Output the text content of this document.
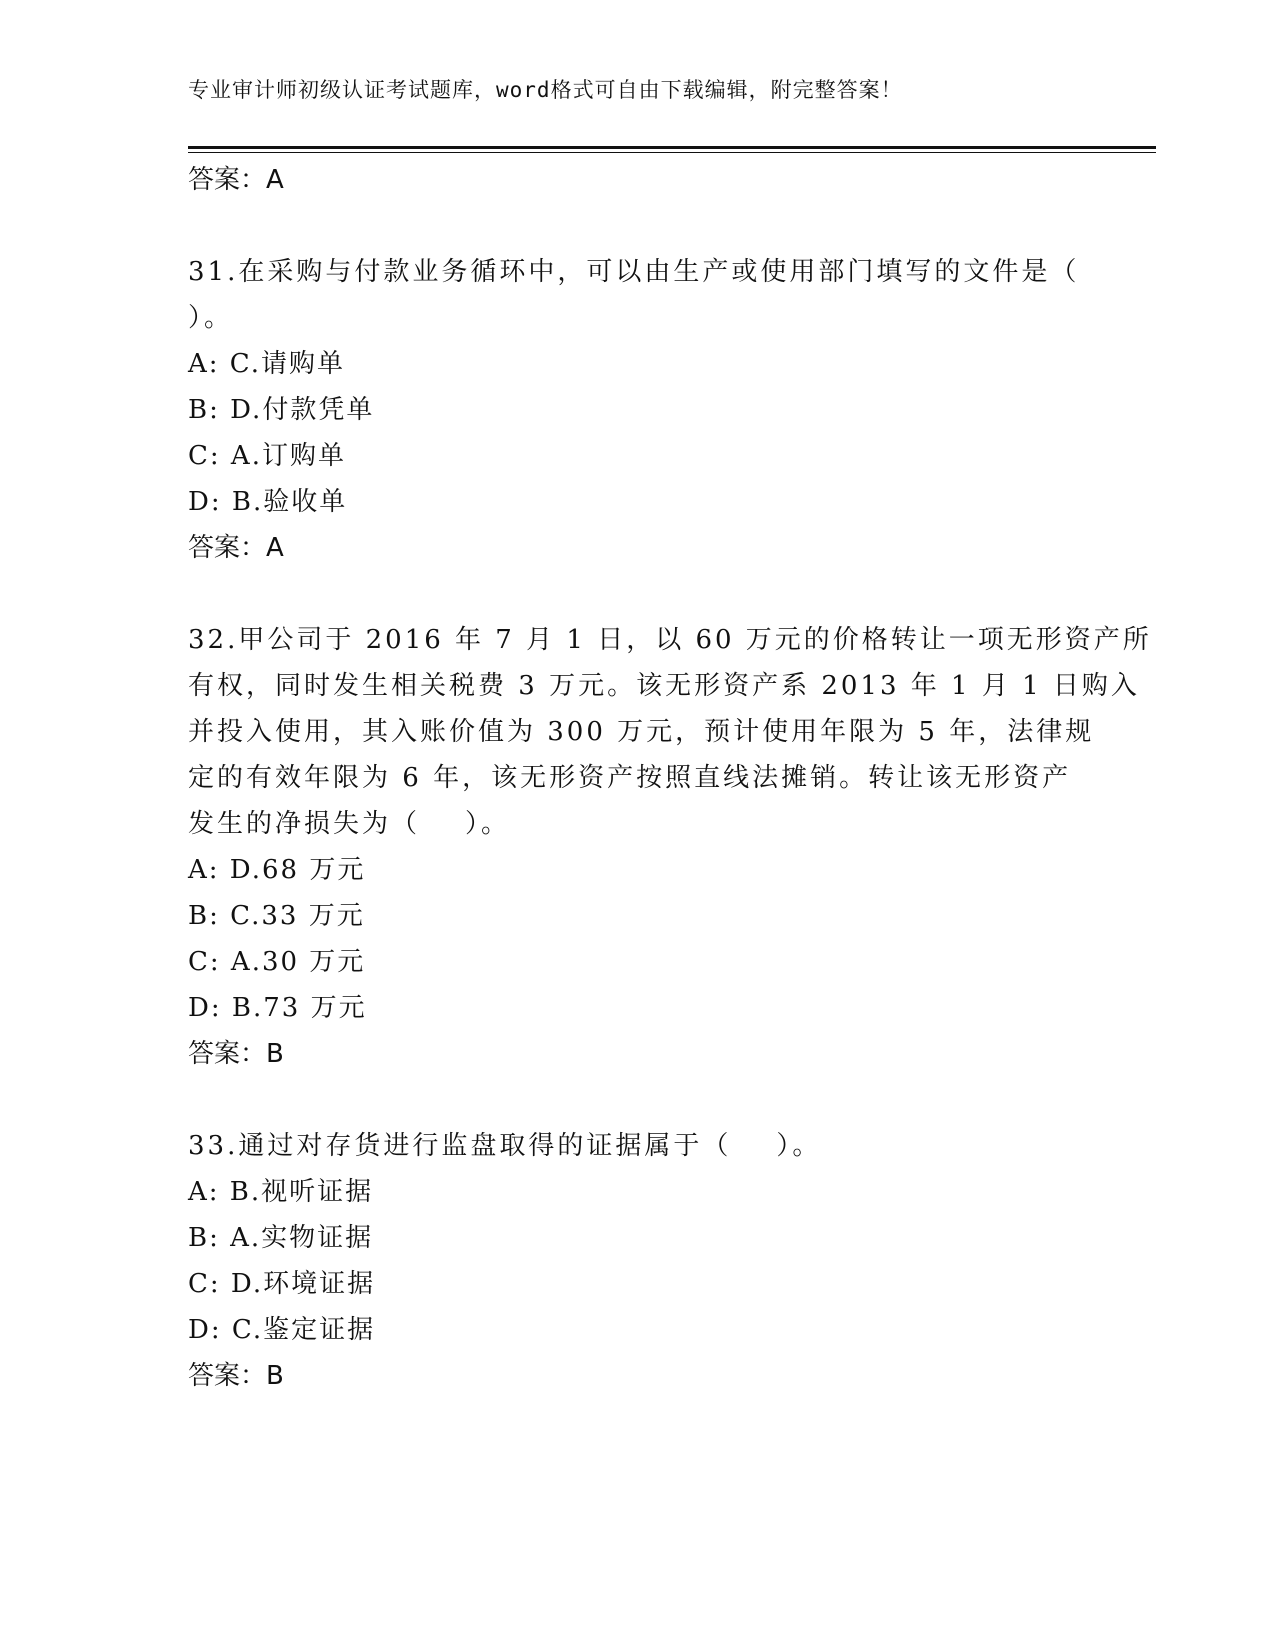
专业审计师初级认证考试题库，word格式可自由下载编辑，附完整答案！
答案：A
31.在采购与付款业务循环中，可以由生产或使用部门填写的文件是（
）。
A: C.请购单
B: D.付款凭单
C: A.订购单
D: B.验收单
答案：A
32.甲公司于 2016 年 7 月 1 日，以 60 万元的价格转让一项无形资产所
有权，同时发生相关税费 3 万元。该无形资产系 2013 年 1 月 1 日购入
并投入使用，其入账价值为 300 万元，预计使用年限为 5 年，法律规
定的有效年限为 6 年，该无形资产按照直线法摊销。转让该无形资产
发生的净损失为（    ）。
A: D.68 万元
B: C.33 万元
C: A.30 万元
D: B.73 万元
答案：B
33.通过对存货进行监盘取得的证据属于（    ）。
A: B.视听证据
B: A.实物证据
C: D.环境证据
D: C.鉴定证据
答案：B
